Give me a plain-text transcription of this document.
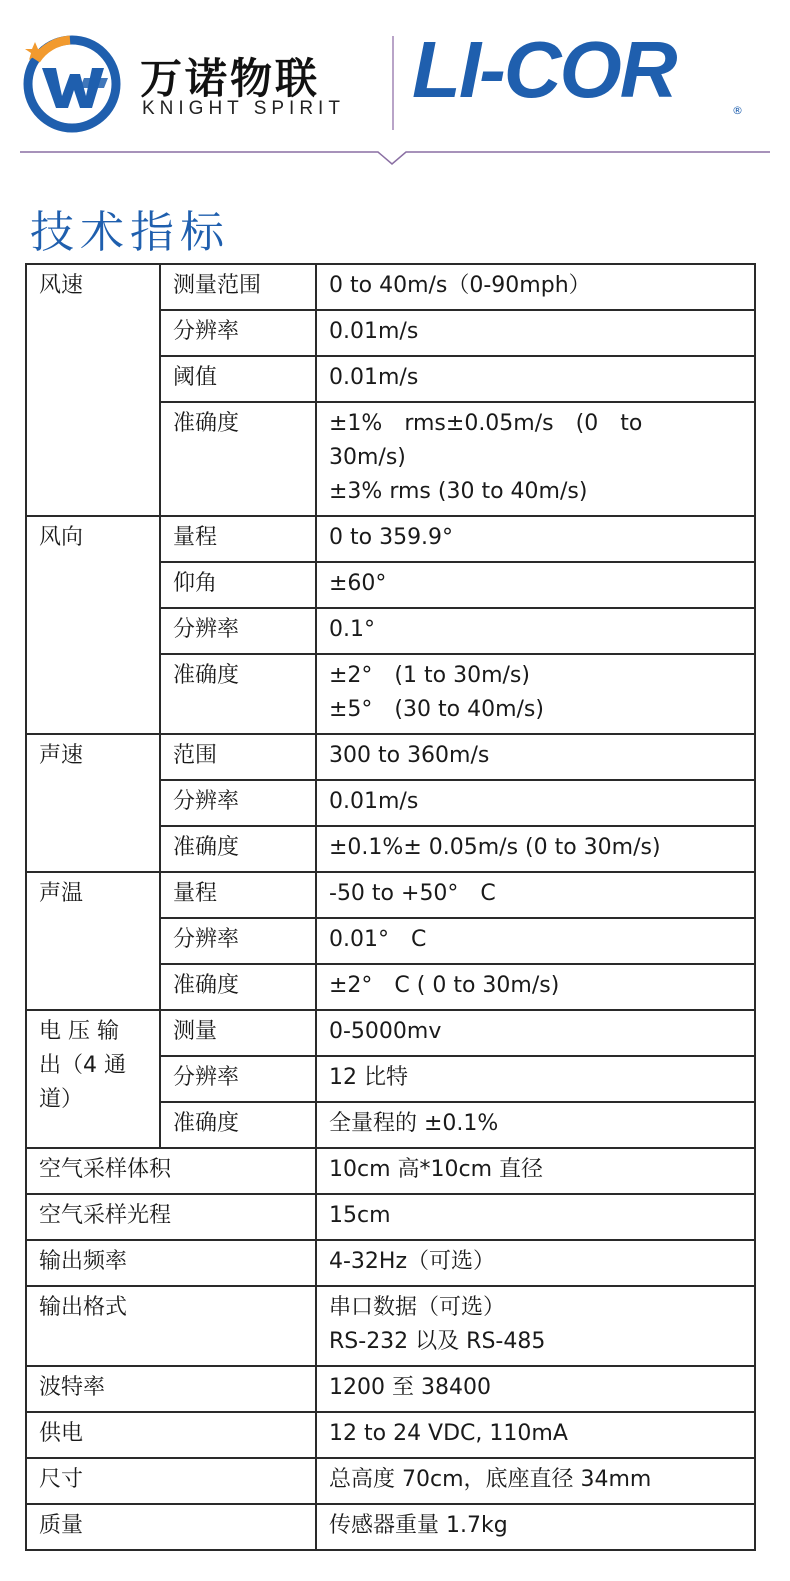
万诺物联
KNIGHT SPIRIT LI-COR	®
技术指标
风速	测量范围	0 to 40m/s（0-90mph）
	分辨率	0.01m/s
	阈值	0.01m/s
	准确度	±1%　rms±0.05m/s　(0　to
30m/s)
±3% rms (30 to 40m/s)

风向	量程	0 to 359.9°
	仰角	±60°
	分辨率	0.1°
	准确度	±2°　(1 to 30m/s)
±5°　(30 to 40m/s)

声速	范围	300 to 360m/s
	分辨率	0.01m/s
	准确度	±0.1%± 0.05m/s (0 to 30m/s)
声温	量程	-50 to +50°　C
	分辨率	0.01°　C
	准确度	±2°　C ( 0 to 30m/s)

电 压 输
出（4 通
道）	测量	0-5000mv
	分辨率	12 比特
	准确度	全量程的 ±0.1%
空气采样体积		10cm 高*10cm 直径
空气采样光程		15cm
输出频率		4-32Hz（可选）
输出格式		串口数据（可选）
RS-232 以及 RS-485

波特率		1200 至 38400
供电		12 to 24 VDC, 110mA
尺寸		总高度 70cm，底座直径 34mm
质量		传感器重量 1.7kg
